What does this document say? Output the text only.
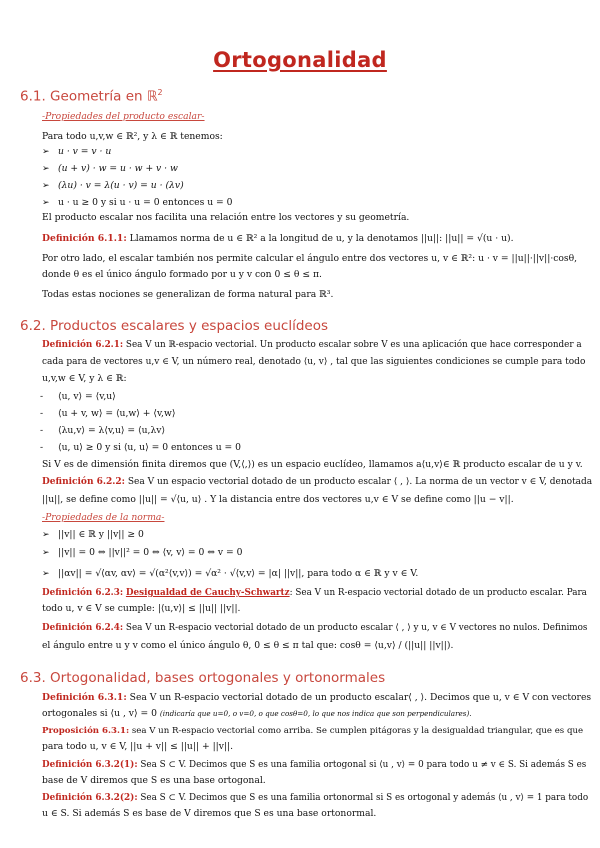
Ortogonalidad
6.1. Geometría en ℝ$^2$
-Propiedades del producto escalar-
Para todo u,v,w ∈ ℝ², y λ ∈ ℝ tenemos:
➢ u · v = v · u
➢ (u + v) · w = u · w + v · w
➢ (λu) · v = λ(u · v) = u · (λv)
➢ u · u ≥ 0 y si u · u = 0 entonces u = 0
El producto escalar nos facilita una relación entre los vectores y su geometría.
Definición 6.1.1: Llamamos norma de u ∈ ℝ² a la longitud de u, y la denotamos ||u||: ||u|| = √(u · u).
Por otro lado, el escalar también nos permite calcular el ángulo entre dos vectores u, v ∈ ℝ²: u · v = ||u||·||v||·cosθ,
donde θ es el único ángulo formado por u y v con 0 ≤ θ ≤ π.
Todas estas nociones se generalizan de forma natural para ℝ³.
6.2. Productos escalares y espacios euclídeos
Definición 6.2.1: Sea V un ℝ-espacio vectorial. Un producto escalar sobre V es una aplicación que hace corresponder a
cada para de vectores u,v ∈ V, un número real, denotado ⟨u, v⟩ , tal que las siguientes condiciones se cumple para todo
u,v,w ∈ V, y λ ∈ ℝ:
-	⟨u, v⟩ = ⟨v,u⟩
-	⟨u + v, w⟩ = ⟨u,w⟩ + ⟨v,w⟩
-	⟨λu,v⟩ = λ⟨v,u⟩ = ⟨u,λv⟩
-	⟨u, u⟩ ≥ 0 y si ⟨u, u⟩ = 0 entonces u = 0
Si V es de dimensión finita diremos que (V,⟨,⟩) es un espacio euclídeo, llamamos a⟨u,v⟩∈ ℝ producto escalar de u y v.
Definición 6.2.2: Sea V un espacio vectorial dotado de un producto escalar ⟨ , ⟩. La norma de un vector v ∈ V, denotada
||u||, se define como ||u|| = √⟨u, u⟩ . Y la distancia entre dos vectores u,v ∈ V se define como ||u − v||.
-Propiedades de la norma-
➢ ||v|| ∈ ℝ y ||v|| ≥ 0
➢ ||v|| = 0 ⇔ ||v||² = 0 ⇔ ⟨v, v⟩ = 0 ⇔ v = 0
➢ ||αv|| = √⟨αv, αv⟩ = √(α²⟨v,v⟩) = √α² · √⟨v,v⟩ = |α| ||v||, para todo α ∈ ℝ y v ∈ V.
Definición 6.2.3: Desigualdad de Cauchy-Schwartz: Sea V un R-espacio vectorial dotado de un producto escalar. Para
todo u, v ∈ V se cumple: |⟨u,v⟩| ≤ ||u|| ||v||.
Definición 6.2.4: Sea V un R-espacio vectorial dotado de un producto escalar ⟨ , ⟩ y u, v ∈ V vectores no nulos. Definimos
el ángulo entre u y v como el único ángulo θ, 0 ≤ θ ≤ π tal que: cosθ = ⟨u,v⟩ / (||u|| ||v||).
6.3. Ortogonalidad, bases ortogonales y ortonormales
Definición 6.3.1: Sea V un R-espacio vectorial dotado de un producto escalar⟨ , ⟩. Decimos que u, v ∈ V con vectores
ortogonales si ⟨u , v⟩ = 0 (indicaría que u=0, o v=0, o que cosθ=0, lo que nos indica que son perpendiculares).
Proposición 6.3.1: sea V un R-espacio vectorial como arriba. Se cumplen pitágoras y la desigualdad triangular, que es que
para todo u, v ∈ V, ||u + v|| ≤ ||u|| + ||v||.
Definición 6.3.2(1): Sea S ⊂ V. Decimos que S es una familia ortogonal si ⟨u , v⟩ = 0 para todo u ≠ v ∈ S. Si además S es
base de V diremos que S es una base ortogonal.
Definición 6.3.2(2): Sea S ⊂ V. Decimos que S es una familia ortonormal si S es ortogonal y además ⟨u , v⟩ = 1 para todo
u ∈ S. Si además S es base de V diremos que S es una base ortonormal.
